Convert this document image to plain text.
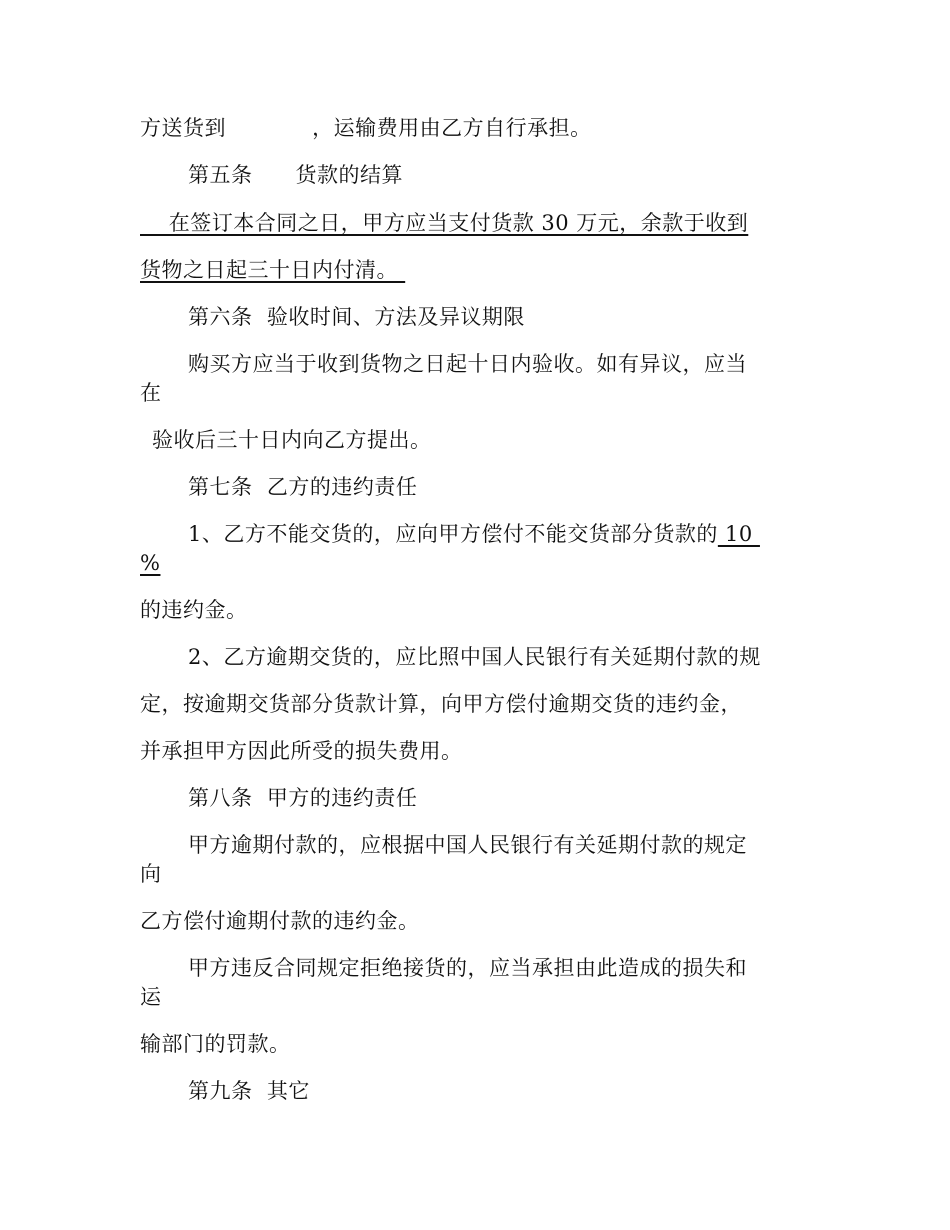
方送货到            ，运输费用由乙方自行承担。
第五条      货款的结算
在签订本合同之日，甲方应当支付货款 30 万元，余款于收到
货物之日起三十日内付清。
第六条  验收时间、方法及异议期限
购买方应当于收到货物之日起十日内验收。如有异议，应当
在
验收后三十日内向乙方提出。
第七条  乙方的违约责任
1、乙方不能交货的，应向甲方偿付不能交货部分货款的 10
%
的违约金。
2、乙方逾期交货的，应比照中国人民银行有关延期付款的规
定，按逾期交货部分货款计算，向甲方偿付逾期交货的违约金，
并承担甲方因此所受的损失费用。
第八条  甲方的违约责任
甲方逾期付款的，应根据中国人民银行有关延期付款的规定
向
乙方偿付逾期付款的违约金。
甲方违反合同规定拒绝接货的，应当承担由此造成的损失和
运
输部门的罚款。
第九条  其它
